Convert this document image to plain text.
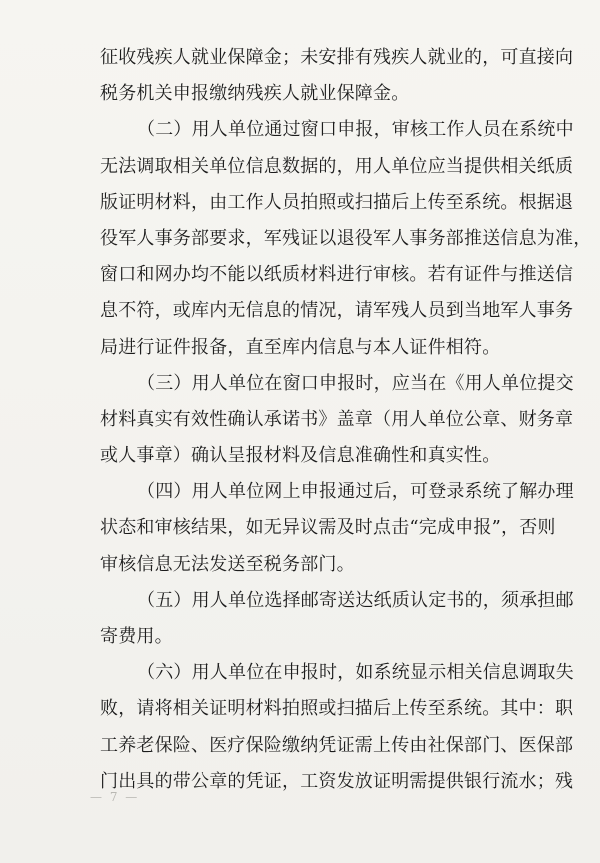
征收残疾人就业保障金；未安排有残疾人就业的，可直接向
税务机关申报缴纳残疾人就业保障金。
（二）用人单位通过窗口申报，审核工作人员在系统中
无法调取相关单位信息数据的，用人单位应当提供相关纸质
版证明材料，由工作人员拍照或扫描后上传至系统。根据退
役军人事务部要求，军残证以退役军人事务部推送信息为准，
窗口和网办均不能以纸质材料进行审核。若有证件与推送信
息不符，或库内无信息的情况，请军残人员到当地军人事务
局进行证件报备，直至库内信息与本人证件相符。
（三）用人单位在窗口申报时，应当在《用人单位提交
材料真实有效性确认承诺书》盖章（用人单位公章、财务章
或人事章）确认呈报材料及信息准确性和真实性。
（四）用人单位网上申报通过后，可登录系统了解办理
状态和审核结果，如无异议需及时点击“完成申报”，否则
审核信息无法发送至税务部门。
（五）用人单位选择邮寄送达纸质认定书的，须承担邮
寄费用。
（六）用人单位在申报时，如系统显示相关信息调取失
败，请将相关证明材料拍照或扫描后上传至系统。其中：职
工养老保险、医疗保险缴纳凭证需上传由社保部门、医保部
门出具的带公章的凭证，工资发放证明需提供银行流水；残
— 7 —
